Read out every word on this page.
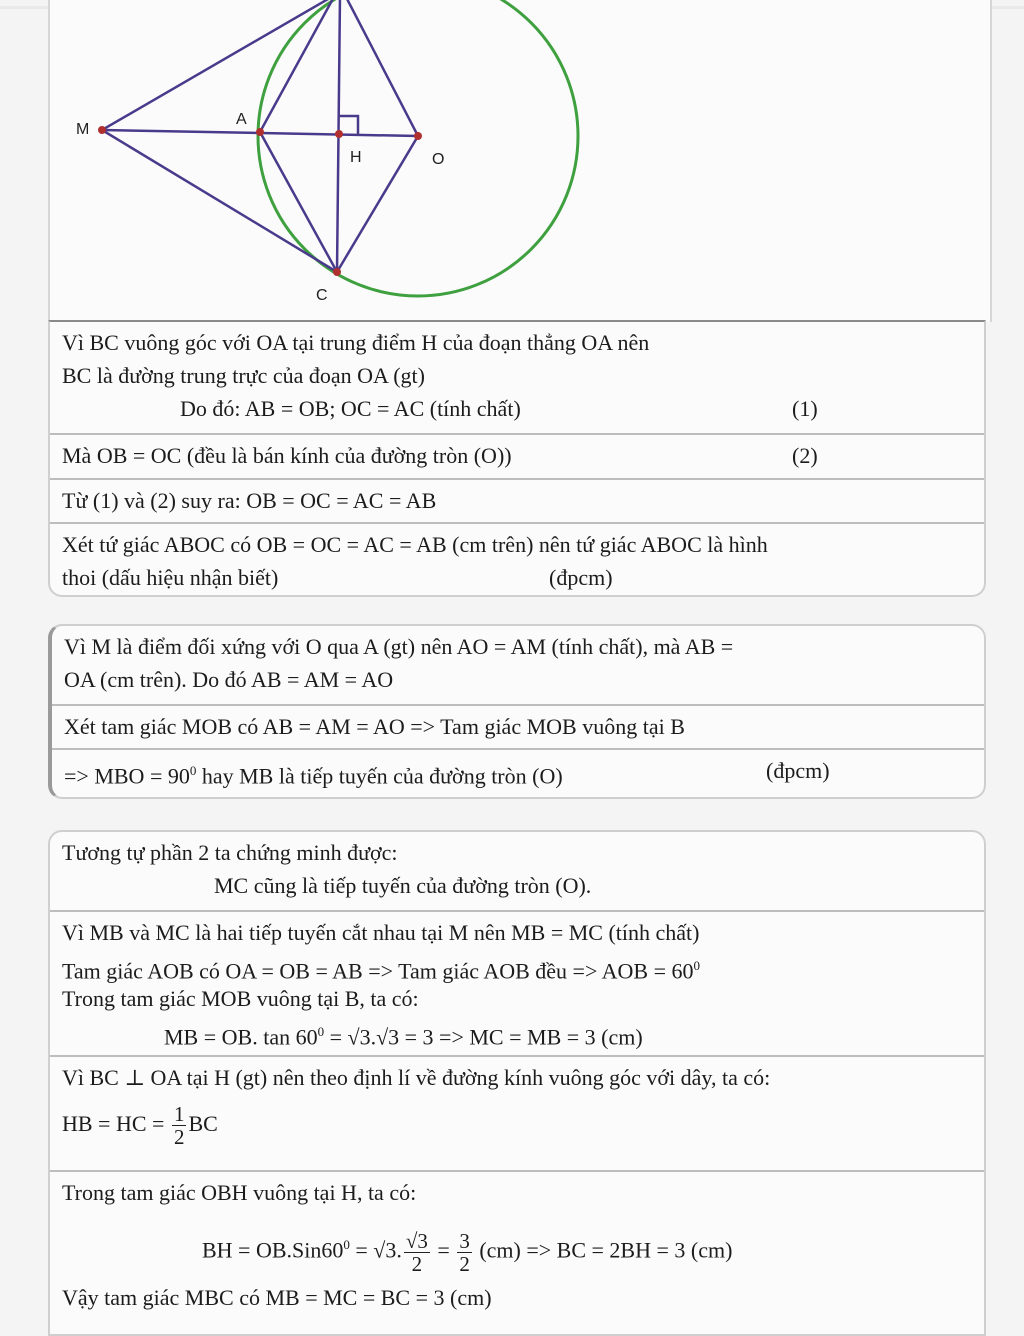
M
A
H	O
C
Vì BC vuông góc với OA tại trung điểm H của đoạn thẳng OA nên
BC là đường trung trực của đoạn OA (gt)
Do đó: AB = OB; OC = AC (tính chất)	(1)
Mà OB = OC (đều là bán kính của đường tròn (O))	(2)
Từ (1) và (2) suy ra: OB = OC = AC = AB
Xét tứ giác ABOC có OB = OC = AC = AB (cm trên) nên tứ giác ABOC là hình
thoi (dấu hiệu nhận biết)	(đpcm)
Vì M là điểm đối xứng với O qua A (gt) nên AO = AM (tính chất), mà AB =
OA (cm trên). Do đó AB = AM = AO
Xét tam giác MOB có AB = AM = AO => Tam giác MOB vuông tại B
=> MBO = $90^0$ hay MB là tiếp tuyến của đường tròn (O)	(đpcm)
Tương tự phần 2 ta chứng minh được:
MC cũng là tiếp tuyến của đường tròn (O).
Vì MB và MC là hai tiếp tuyến cắt nhau tại M nên MB = MC (tính chất)
Tam giác AOB có OA = OB = AB => Tam giác AOB đều => AOB = $60^0$
Trong tam giác MOB vuông tại B, ta có:
MB = OB. $\tan 60^0 = √3.√3 = 3$ => MC = MB = 3 (cm)
Vì BC ⊥ OA tại H (gt) nên theo định lí về đường kính vuông góc với dây, ta có:
HB = HC = $\frac{1}{2}$ BC
Trong tam giác OBH vuông tại H, ta có:
BH = $OB.Sin60^0 = √3$. $\frac{√3}{2} = \frac{3}{2} (cm)$ => BC = 2BH = 3 (cm)
Vậy tam giác MBC có MB = MC = BC = 3 (cm)
